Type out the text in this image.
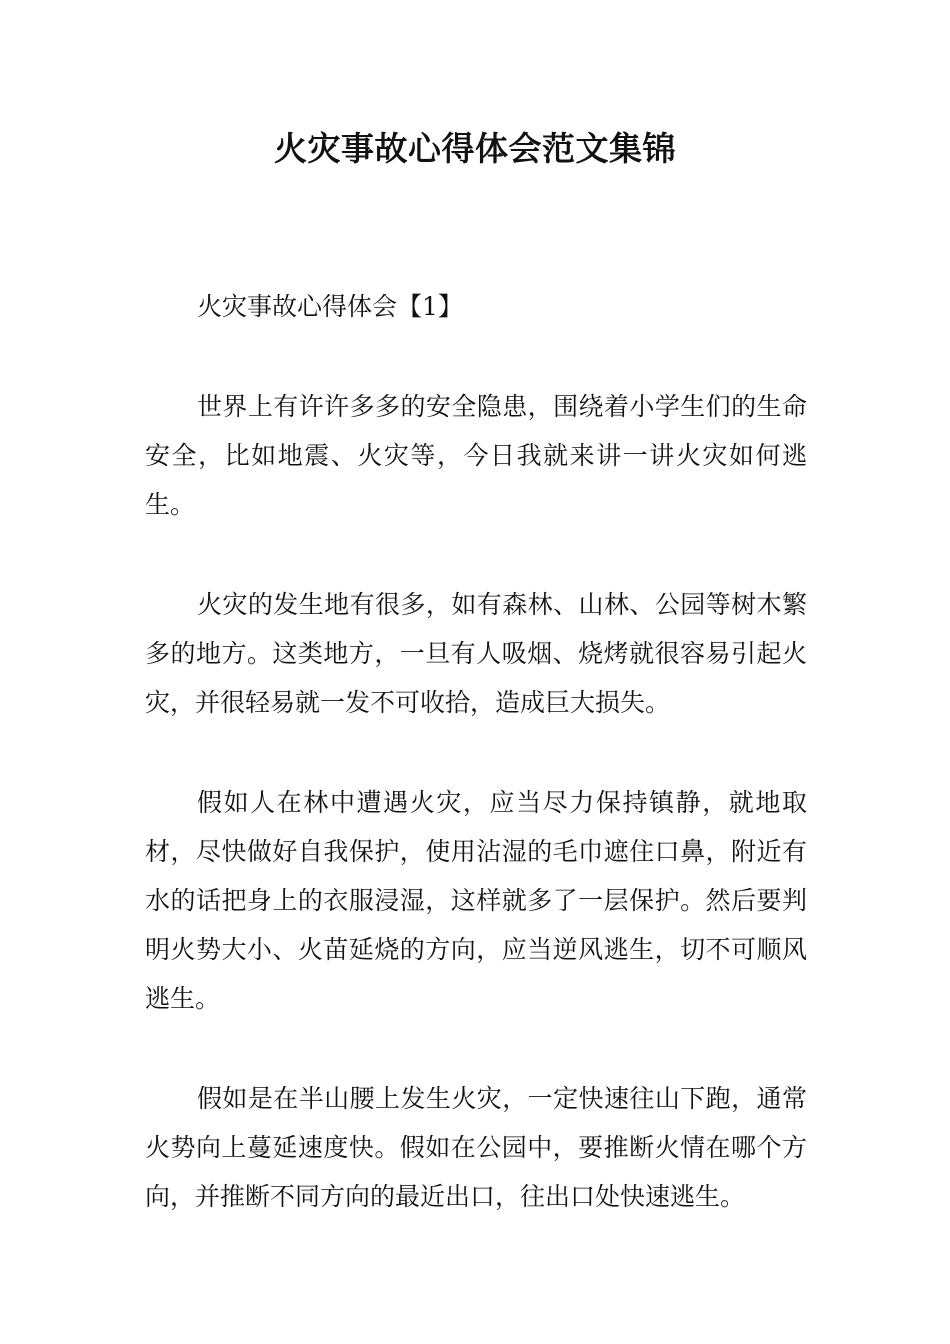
火灾事故心得体会范文集锦
火灾事故心得体会【1】

世界上有许许多多的安全隐患，围绕着小学生们的生命安全，比如地震、火灾等，今日我就来讲一讲火灾如何逃生。

火灾的发生地有很多，如有森林、山林、公园等树木繁多的地方。这类地方，一旦有人吸烟、烧烤就很容易引起火灾，并很轻易就一发不可收拾，造成巨大损失。

假如人在林中遭遇火灾，应当尽力保持镇静，就地取材，尽快做好自我保护，使用沾湿的毛巾遮住口鼻，附近有水的话把身上的衣服浸湿，这样就多了一层保护。然后要判明火势大小、火苗延烧的方向，应当逆风逃生，切不可顺风逃生。

假如是在半山腰上发生火灾，一定快速往山下跑，通常火势向上蔓延速度快。假如在公园中，要推断火情在哪个方向，并推断不同方向的最近出口，往出口处快速逃生。
